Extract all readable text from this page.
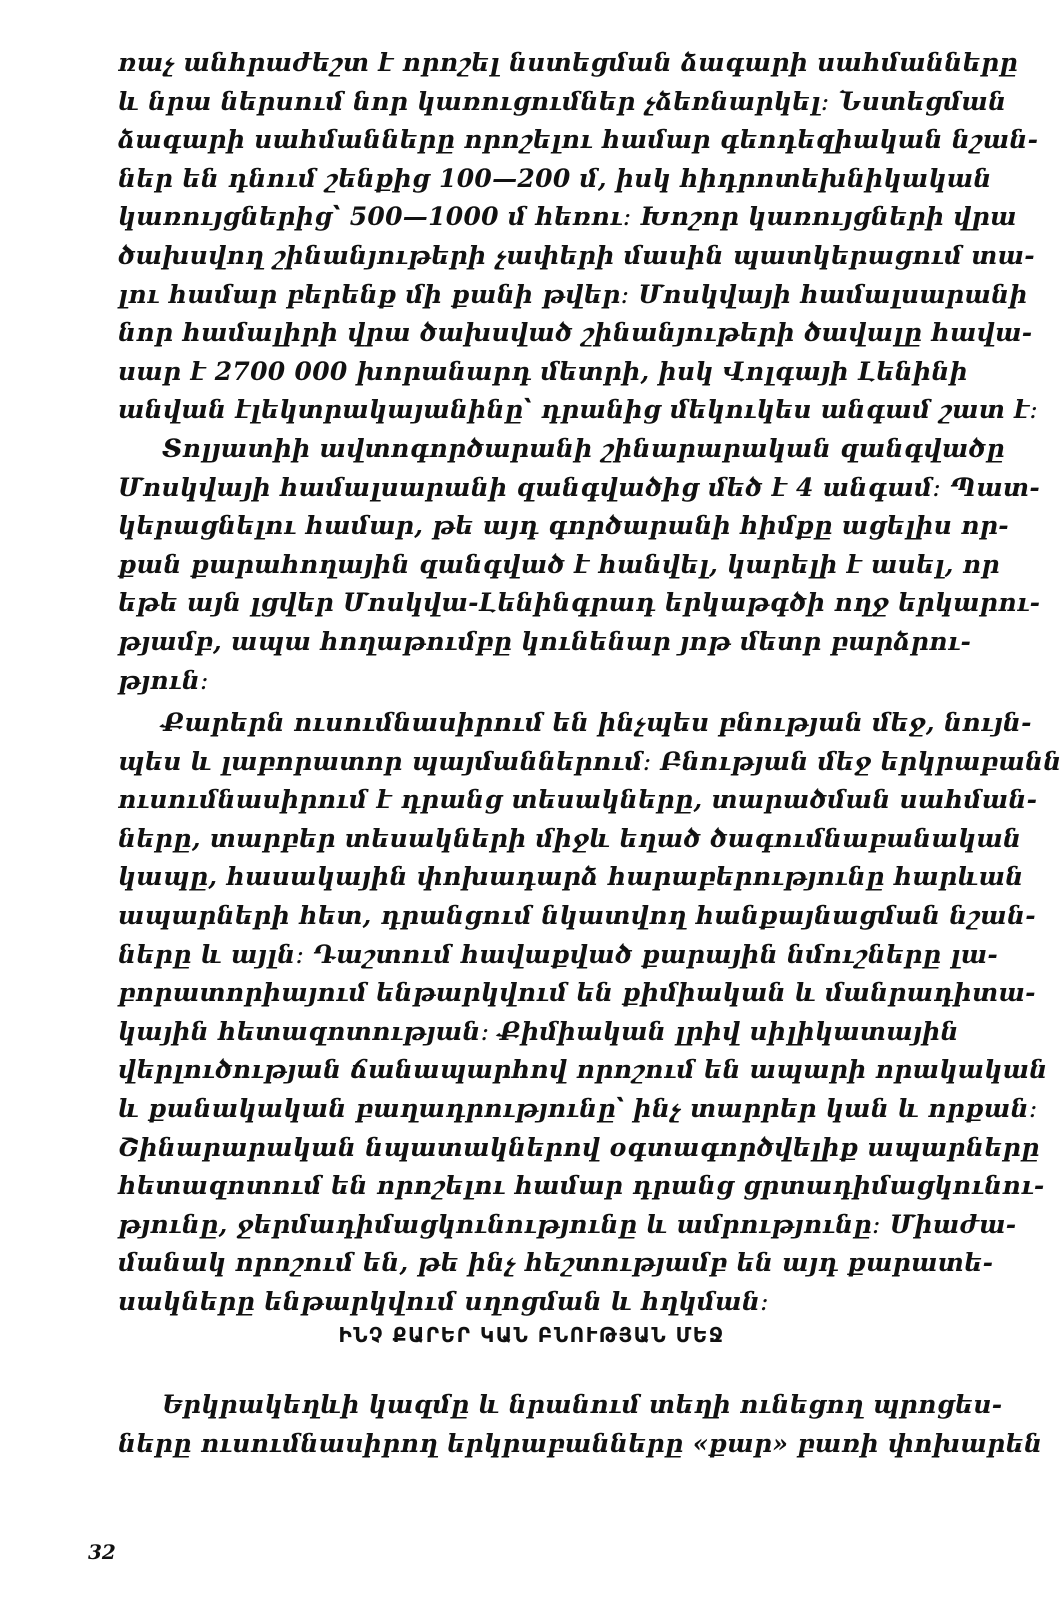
ռաչ անհրաժեշտ է որոշել նստեցման ձագարի սահմանները
և նրա ներսում նոր կառուցումներ չձեռնարկել։ Նստեցման
ձագարի սահմանները որոշելու համար գեոդեզիական նշան-
ներ են դնում շենքից 100—200 մ, իսկ հիդրոտեխնիկական
կառույցներից՝ 500—1000 մ հեռու։ Խոշոր կառույցների վրա
ծախսվող շինանյութերի չափերի մասին պատկերացում տա-
լու համար բերենք մի քանի թվեր։ Մոսկվայի համալսարանի
նոր համալիրի վրա ծախսված շինանյութերի ծավալը հավա-
սար է 2700 000 խորանարդ մետրի, իսկ Վոլգայի Լենինի
անվան էլեկտրակայանինը՝ դրանից մեկուկես անգամ շատ է։
Տոլյատիի ավտոգործարանի շինարարական զանգվածը
Մոսկվայի համալսարանի զանգվածից մեծ է 4 անգամ։ Պատ-
կերացնելու համար, թե այդ գործարանի հիմքը ացելիս որ-
քան քարահողային զանգված է հանվել, կարելի է ասել, որ
եթե այն լցվեր Մոսկվա-Լենինգրադ երկաթգծի ողջ երկարու-
թյամբ, ապա հողաթումբը կունենար յոթ մետր բարձրու-
թյուն։
Քարերն ուսումնասիրում են ինչպես բնության մեջ, նույն-
պես և լաբորատոր պայմաններում։ Բնության մեջ երկրաբանն
ուսումնասիրում է դրանց տեսակները, տարածման սահման-
ները, տարբեր տեսակների միջև եղած ծագումնաբանական
կապը, հասակային փոխադարձ հարաբերությունը հարևան
ապարների հետ, դրանցում նկատվող հանքայնացման նշան-
ները և այլն։ Դաշտում հավաքված քարային նմուշները լա-
բորատորիայում ենթարկվում են քիմիական և մանրադիտա-
կային հետազոտության։ Քիմիական լրիվ սիլիկատային
վերլուծության ճանապարհով որոշում են ապարի որակական
և քանակական բաղադրությունը՝ ինչ տարրեր կան և որքան։
Շինարարական նպատակներով օգտագործվելիք ապարները
հետազոտում են որոշելու համար դրանց ցրտադիմացկունու-
թյունը, ջերմադիմացկունությունը և ամրությունը։ Միաժա-
մանակ որոշում են, թե ինչ հեշտությամբ են այդ քարատե-
սակները ենթարկվում սղոցման և հղկման։
ԻՆՉ ՔԱՐԵՐ ԿԱՆ ԲՆՈՒԹՅԱՆ ՄԵՋ
Երկրակեղևի կազմը և նրանում տեղի ունեցող պրոցես-
ները ուսումնասիրող երկրաբանները «քար» բառի փոխարեն
32
